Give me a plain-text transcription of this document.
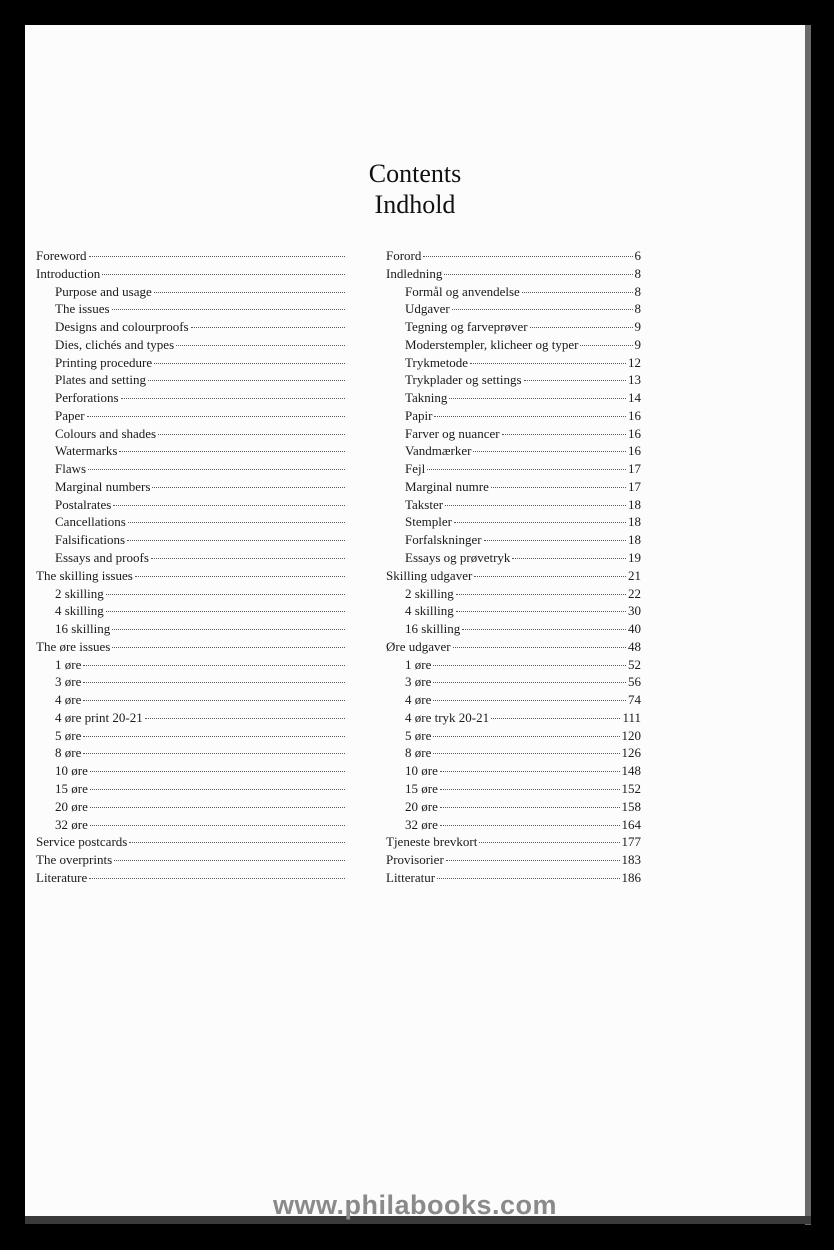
Contents
Indhold
Foreword
Introduction
Purpose and usage
The issues
Designs and colourproofs
Dies, clichés and types
Printing procedure
Plates and setting
Perforations
Paper
Colours and shades
Watermarks
Flaws
Marginal numbers
Postalrates
Cancellations
Falsifications
Essays and proofs
The skilling issues
2 skilling
4 skilling
16 skilling
The øre issues
1 øre
3 øre
4 øre
4 øre print 20-21
5 øre
8 øre
10 øre
15 øre
20 øre
32 øre
Service postcards
The overprints
Literature
Forord	6
Indledning	8
Formål og anvendelse	8
Udgaver	8
Tegning og farveprøver	9
Moderstempler, klicheer og typer	9
Trykmetode	12
Trykplader og settings	13
Takning	14
Papir	16
Farver og nuancer	16
Vandmærker	16
Fejl	17
Marginal numre	17
Takster	18
Stempler	18
Forfalskninger	18
Essays og prøvetryk	19
Skilling udgaver	21
2 skilling	22
4 skilling	30
16 skilling	40
Øre udgaver	48
1 øre	52
3 øre	56
4 øre	74
4 øre tryk 20-21	111
5 øre	120
8 øre	126
10 øre	148
15 øre	152
20 øre	158
32 øre	164
Tjeneste brevkort	177
Provisorier	183
Litteratur	186
www.philabooks.com
